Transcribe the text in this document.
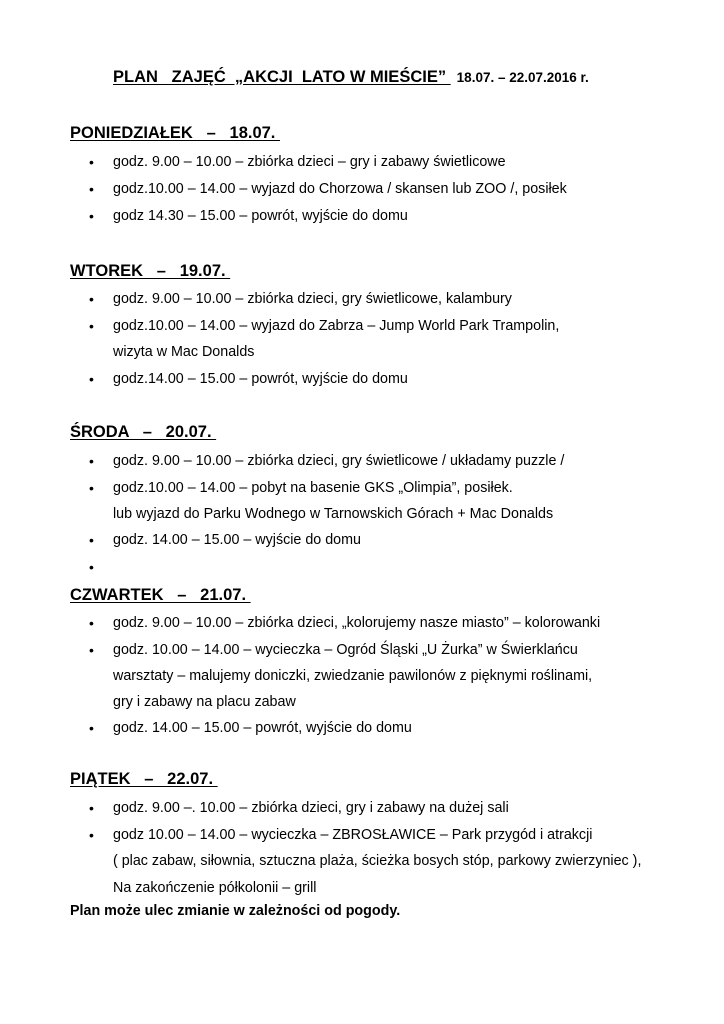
PLAN   ZAJĘĆ  „AKCJI  LATO W MIEŚCIE” 18.07. – 22.07.2016 r.
PONIEDZIAŁEK   –   18.07.
• godz. 9.00 – 10.00 – zbiórka dzieci – gry i zabawy świetlicowe
• godz.10.00 – 14.00 – wyjazd do Chorzowa / skansen lub ZOO /, posiłek
• godz 14.30 – 15.00 – powrót, wyjście do domu
WTOREK   –   19.07.
• godz. 9.00 – 10.00 – zbiórka dzieci, gry świetlicowe, kalambury
• godz.10.00 – 14.00 – wyjazd do Zabrza – Jump World Park Trampolin,
wizyta w Mac Donalds
• godz.14.00 – 15.00 – powrót, wyjście do domu
ŚRODA   –   20.07.
• godz. 9.00 – 10.00 – zbiórka dzieci, gry świetlicowe / układamy puzzle /
• godz.10.00 – 14.00 – pobyt na basenie GKS „Olimpia”, posiłek.
lub wyjazd do Parku Wodnego w Tarnowskich Górach + Mac Donalds
• godz. 14.00 – 15.00 – wyjście do domu
•
CZWARTEK   –   21.07.
• godz. 9.00 – 10.00 – zbiórka dzieci, „kolorujemy nasze miasto” – kolorowanki
• godz. 10.00 – 14.00 – wycieczka – Ogród Śląski „U Żurka” w Świerklańcu
warsztaty – malujemy doniczki, zwiedzanie pawilonów z pięknymi roślinami,
gry i zabawy na placu zabaw
• godz. 14.00 – 15.00 – powrót, wyjście do domu
PIĄTEK   –   22.07.
• godz. 9.00 –. 10.00 – zbiórka dzieci, gry i zabawy na dużej sali
• godz 10.00 – 14.00 – wycieczka – ZBROSŁAWICE – Park przygód i atrakcji
( plac zabaw, siłownia, sztuczna plaża, ścieżka bosych stóp, parkowy zwierzyniec ),
Na zakończenie półkolonii – grill
Plan może ulec zmianie w zależności od pogody.
